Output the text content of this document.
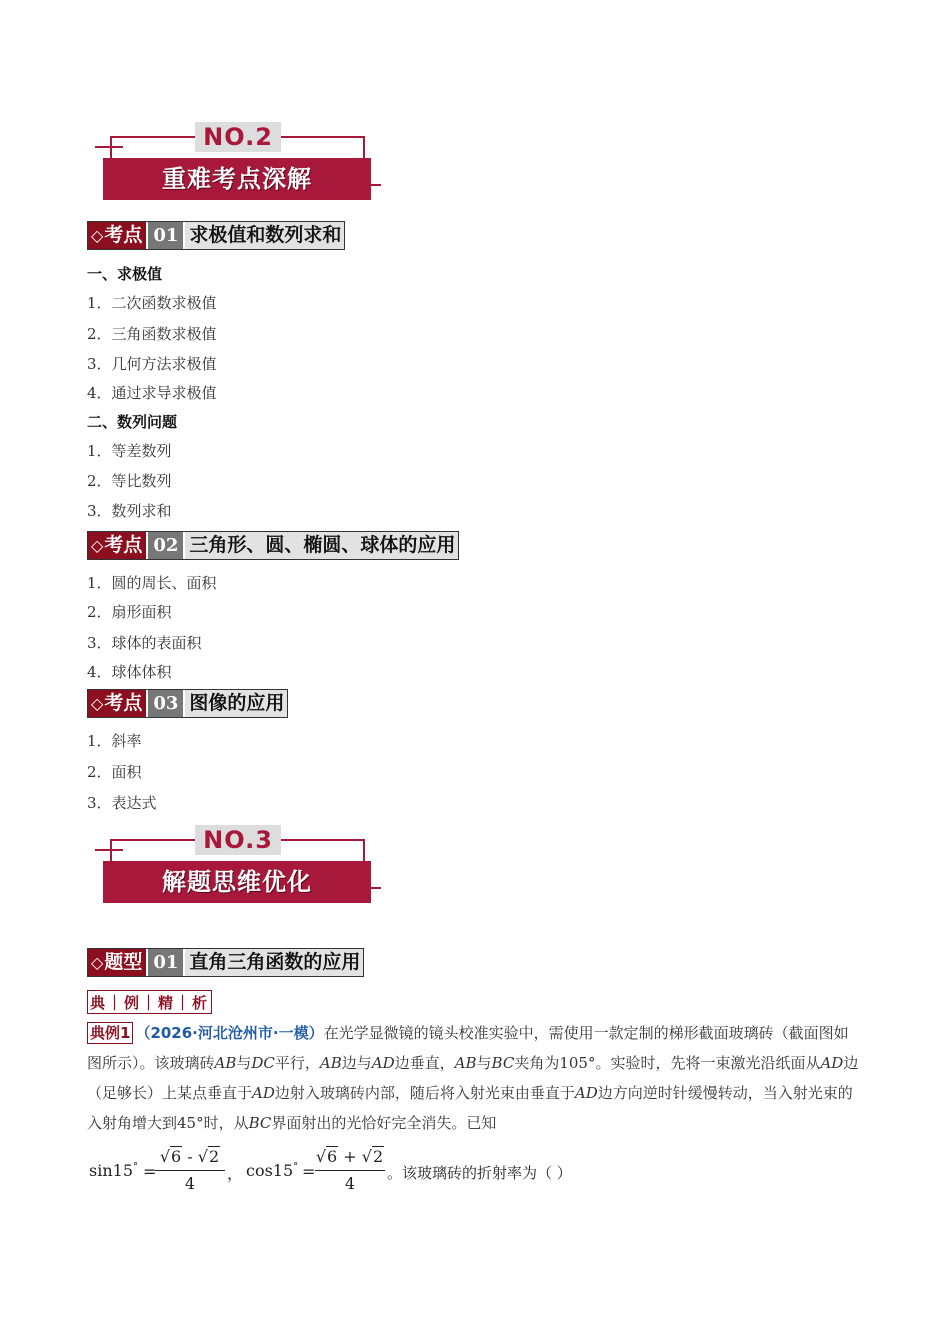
NO.2
重难考点深解
◇ 考点 01 求极值和数列求和
一、求极值
1．二次函数求极值
2．三角函数求极值
3．几何方法求极值
4．通过求导求极值
二、数列问题
1．等差数列
2．等比数列
3．数列求和
◇ 考点 02 三角形、圆、椭圆、球体的应用
1．圆的周长、面积
2．扇形面积
3．球体的表面积
4．球体体积
◇ 考点 03 图像的应用
1．斜率
2．面积
3．表达式
NO.3
解题思维优化
◇ 题型 01 直角三角函数的应用
典｜例｜精｜析
典例1 （2026·河北沧州市·一模）在光学显微镜的镜头校准实验中，需使用一款定制的梯形截面玻璃砖（截面图如图所示）。该玻璃砖AB与DC平行，AB边与AD边垂直，AB与BC夹角为105°。实验时，先将一束激光沿纸面从AD边（足够长）上某点垂直于AD边射入玻璃砖内部，随后将入射光束由垂直于AD边方向逆时针缓慢转动，当入射光束的入射角增大到45°时，从BC界面射出的光恰好完全消失。已知
sin15° =
√6 - √2
4
， cos15° =
√6 + √2
4
。该玻璃砖的折射率为（ ）
